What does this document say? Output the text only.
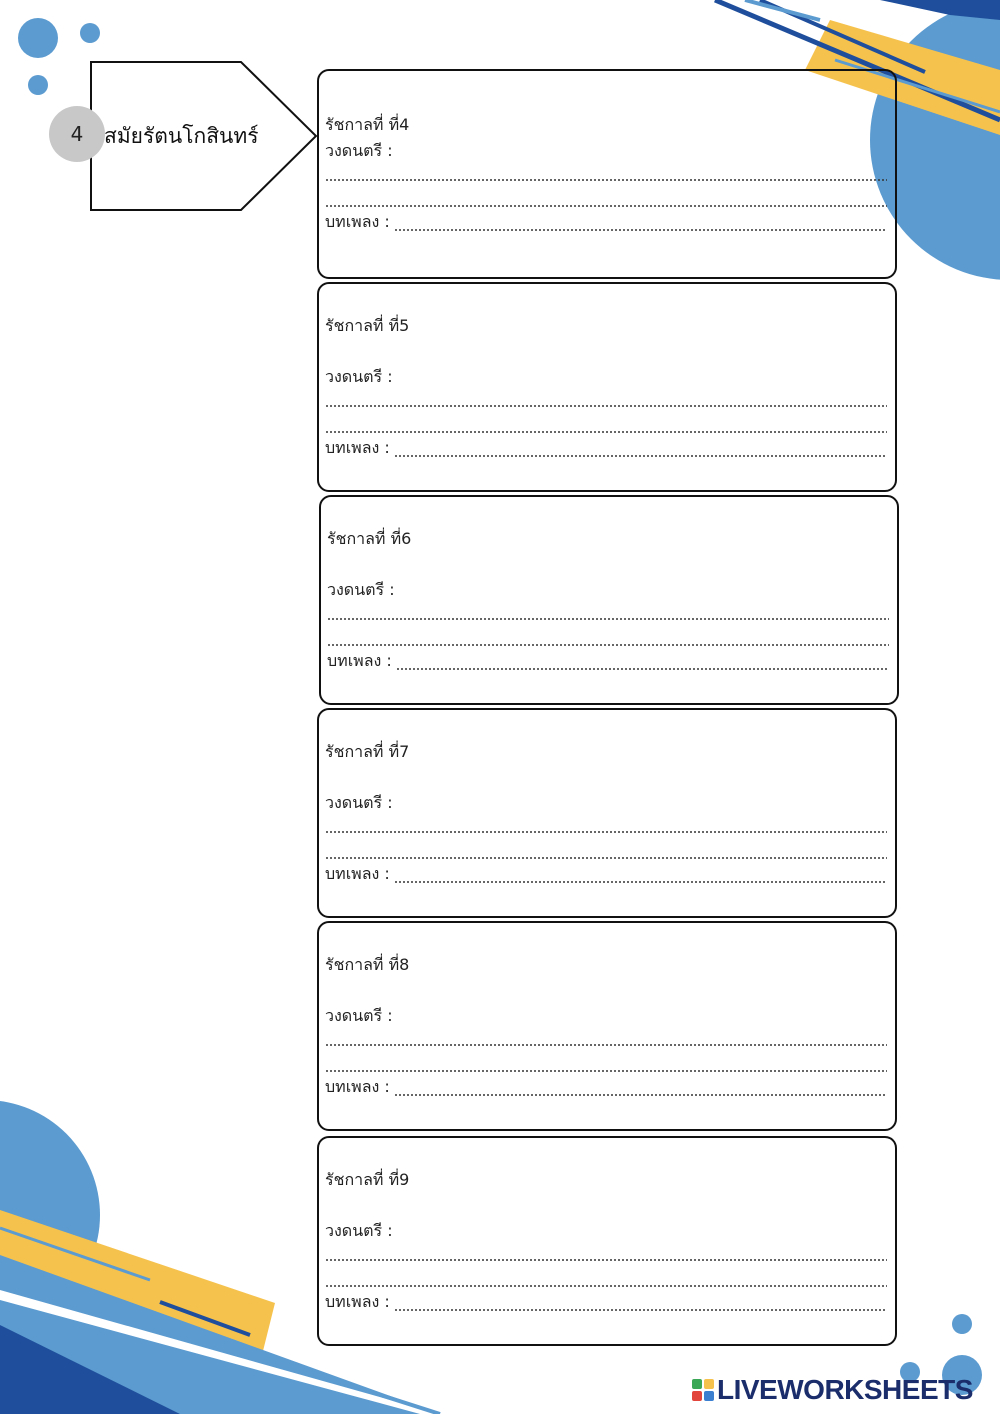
4 สมัยรัตนโกสินทร์	รัชกาลที่ ที่4
วงดนตรี :
บทเพลง :
รัชกาลที่ ที่5
วงดนตรี :
บทเพลง :
รัชกาลที่ ที่6
วงดนตรี :
บทเพลง :
รัชกาลที่ ที่7
วงดนตรี :
บทเพลง :
รัชกาลที่ ที่8
วงดนตรี :
บทเพลง :
รัชกาลที่ ที่9
วงดนตรี :
บทเพลง :
LIVEWORKSHEETS
